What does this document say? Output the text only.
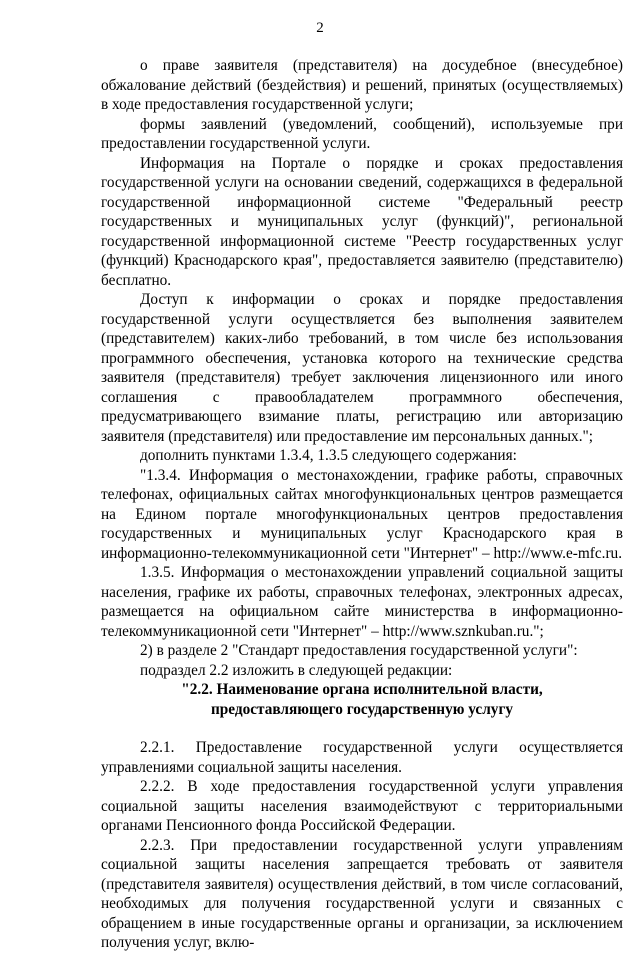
2

о праве заявителя (представителя) на досудебное (внесудебное) обжалование действий (бездействия) и решений, принятых (осуществляемых) в ходе предоставления государственной услуги;

формы заявлений (уведомлений, сообщений), используемые при предоставлении государственной услуги.

Информация на Портале о порядке и сроках предоставления государственной услуги на основании сведений, содержащихся в федеральной государственной информационной системе "Федеральный реестр государственных и муниципальных услуг (функций)", региональной государственной информационной системе "Реестр государственных услуг (функций) Краснодарского края", предоставляется заявителю (представителю) бесплатно.

Доступ к информации о сроках и порядке предоставления государственной услуги осуществляется без выполнения заявителем (представителем) каких-либо требований, в том числе без использования программного обеспечения, установка которого на технические средства заявителя (представителя) требует заключения лицензионного или иного соглашения с правообладателем программного обеспечения, предусматривающего взимание платы, регистрацию или авторизацию заявителя (представителя) или предоставление им персональных данных.";

дополнить пунктами 1.3.4, 1.3.5 следующего содержания:

"1.3.4. Информация о местонахождении, графике работы, справочных телефонах, официальных сайтах многофункциональных центров размещается на Едином портале многофункциональных центров предоставления государственных и муниципальных услуг Краснодарского края в информационно-телекоммуникационной сети "Интернет" – http://www.e-mfc.ru.

1.3.5. Информация о местонахождении управлений социальной защиты населения, графике их работы, справочных телефонах, электронных адресах, размещается на официальном сайте министерства в информационно-телекоммуникационной сети "Интернет" – http://www.sznkuban.ru.";

2) в разделе 2 "Стандарт предоставления государственной услуги":

подраздел 2.2 изложить в следующей редакции:

"2.2. Наименование органа исполнительной власти,
предоставляющего государственную услугу

2.2.1. Предоставление государственной услуги осуществляется управлениями социальной защиты населения.

2.2.2. В ходе предоставления государственной услуги управления социальной защиты населения взаимодействуют с территориальными органами Пенсионного фонда Российской Федерации.

2.2.3. При предоставлении государственной услуги управлениям социальной защиты населения запрещается требовать от заявителя (представителя заявителя) осуществления действий, в том числе согласований, необходимых для получения государственной услуги и связанных с обращением в иные государственные органы и организации, за исключением получения услуг, вклю-
